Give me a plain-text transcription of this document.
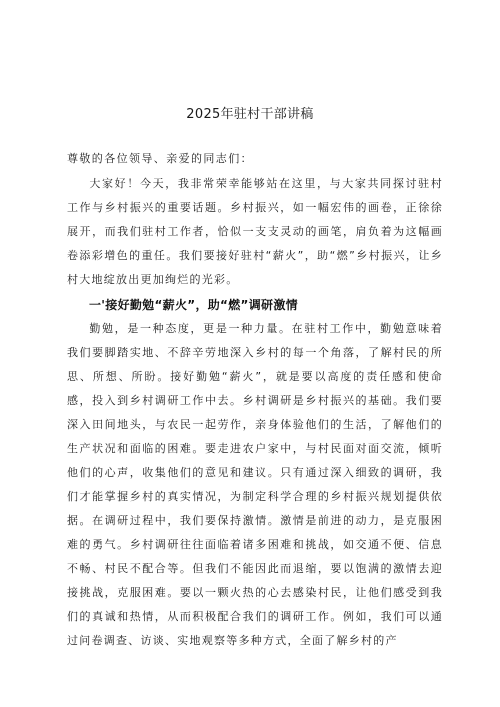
2025年驻村干部讲稿
尊敬的各位领导、亲爱的同志们：

大家好！今天，我非常荣幸能够站在这里，与大家共同探讨驻村工作与乡村振兴的重要话题。乡村振兴，如一幅宏伟的画卷，正徐徐展开，而我们驻村工作者，恰似一支支灵动的画笔，肩负着为这幅画卷添彩增色的重任。我们要接好驻村“薪火”，助“燃”乡村振兴，让乡村大地绽放出更加绚烂的光彩。

一'接好勤勉“薪火”，助“燃”调研激情

勤勉，是一种态度，更是一种力量。在驻村工作中，勤勉意味着我们要脚踏实地、不辞辛劳地深入乡村的每一个角落，了解村民的所思、所想、所盼。接好勤勉“薪火”，就是要以高度的责任感和使命感，投入到乡村调研工作中去。乡村调研是乡村振兴的基础。我们要深入田间地头，与农民一起劳作，亲身体验他们的生活，了解他们的生产状况和面临的困难。要走进农户家中，与村民面对面交流，倾听他们的心声，收集他们的意见和建议。只有通过深入细致的调研，我们才能掌握乡村的真实情况，为制定科学合理的乡村振兴规划提供依据。在调研过程中，我们要保持激情。激情是前进的动力，是克服困难的勇气。乡村调研往往面临着诸多困难和挑战，如交通不便、信息不畅、村民不配合等。但我们不能因此而退缩，要以饱满的激情去迎接挑战，克服困难。要以一颗火热的心去感染村民，让他们感受到我们的真诚和热情，从而积极配合我们的调研工作。例如，我们可以通过问卷调查、访谈、实地观察等多种方式，全面了解乡村的产
